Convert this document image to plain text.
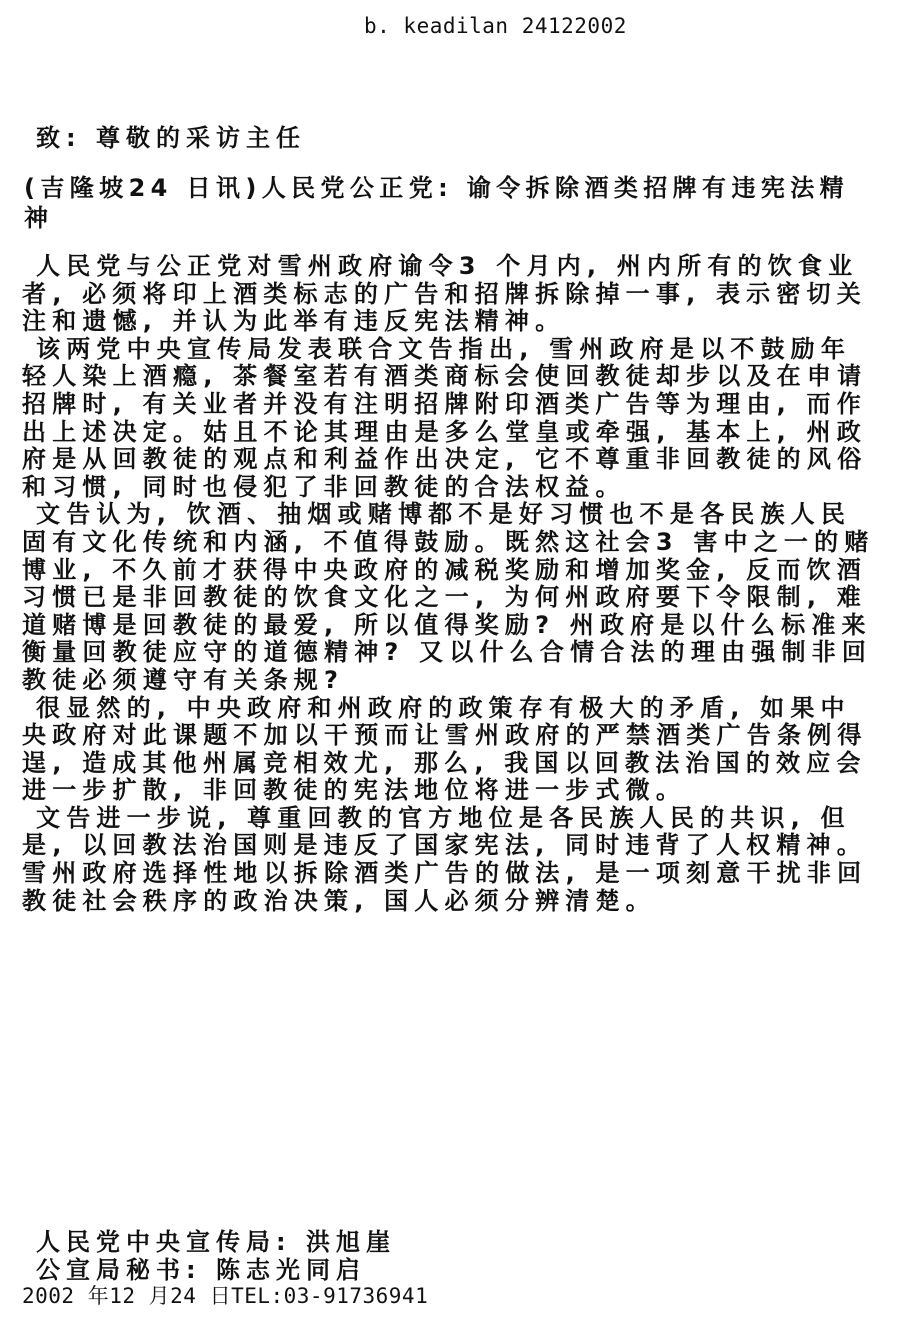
b. keadilan 24122002
致: 尊敬的采访主任
(吉隆坡24 日讯)人民党公正党: 谕令拆除酒类招牌有违宪法精神

人民党与公正党对雪州政府谕令3 个月内, 州内所有的饮食业者, 必须将印上酒类标志的广告和招牌拆除掉一事, 表示密切关注和遗憾, 并认为此举有违反宪法精神。

该两党中央宣传局发表联合文告指出, 雪州政府是以不鼓励年轻人染上酒瘾, 茶餐室若有酒类商标会使回教徒却步以及在申请招牌时, 有关业者并没有注明招牌附印酒类广告等为理由, 而作出上述决定。姑且不论其理由是多么堂皇或牵强, 基本上, 州政府是从回教徒的观点和利益作出决定, 它不尊重非回教徒的风俗和习惯, 同时也侵犯了非回教徒的合法权益。

文告认为, 饮酒、抽烟或赌博都不是好习惯也不是各民族人民固有文化传统和内涵, 不值得鼓励。既然这社会3 害中之一的赌博业, 不久前才获得中央政府的减税奖励和增加奖金, 反而饮酒习惯已是非回教徒的饮食文化之一, 为何州政府要下令限制, 难道赌博是回教徒的最爱, 所以值得奖励? 州政府是以什么标准来衡量回教徒应守的道德精神? 又以什么合情合法的理由强制非回教徒必须遵守有关条规?

很显然的, 中央政府和州政府的政策存有极大的矛盾, 如果中央政府对此课题不加以干预而让雪州政府的严禁酒类广告条例得逞, 造成其他州属竞相效尤, 那么, 我国以回教法治国的效应会进一步扩散, 非回教徒的宪法地位将进一步式微。

文告进一步说, 尊重回教的官方地位是各民族人民的共识, 但是, 以回教法治国则是违反了国家宪法, 同时违背了人权精神。雪州政府选择性地以拆除酒类广告的做法, 是一项刻意干扰非回教徒社会秩序的政治决策, 国人必须分辨清楚。

人民党中央宣传局: 洪旭崖
公宣局秘书: 陈志光同启
2002 年12 月24 日TEL:03-91736941
